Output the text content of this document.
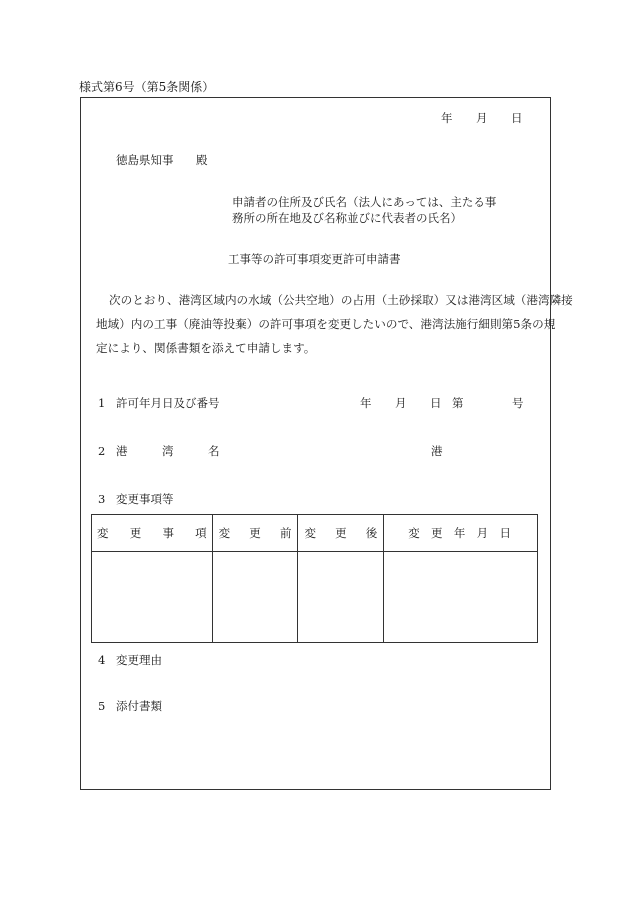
様式第6号（第5条関係）
年 月 日
徳島県知事 殿
申請者の住所及び氏名（法人にあっては、主たる事
務所の所在地及び名称並びに代表者の氏名）
工事等の許可事項変更許可申請書
次のとおり、港湾区域内の水域（公共空地）の占用（土砂採取）又は港湾区域（港湾隣接
地域）内の工事（廃油等投棄）の許可事項を変更したいので、港湾法施行細則第5条の規
定により、関係書類を添えて申請します。
1 許可年月日及び番号	年 月 日 第	号
2 港	湾	名	港
3 変更事項等
変 更 事 項	変 更 前	変 更 後	変 更 年 月 日

4 変更理由
5 添付書類
